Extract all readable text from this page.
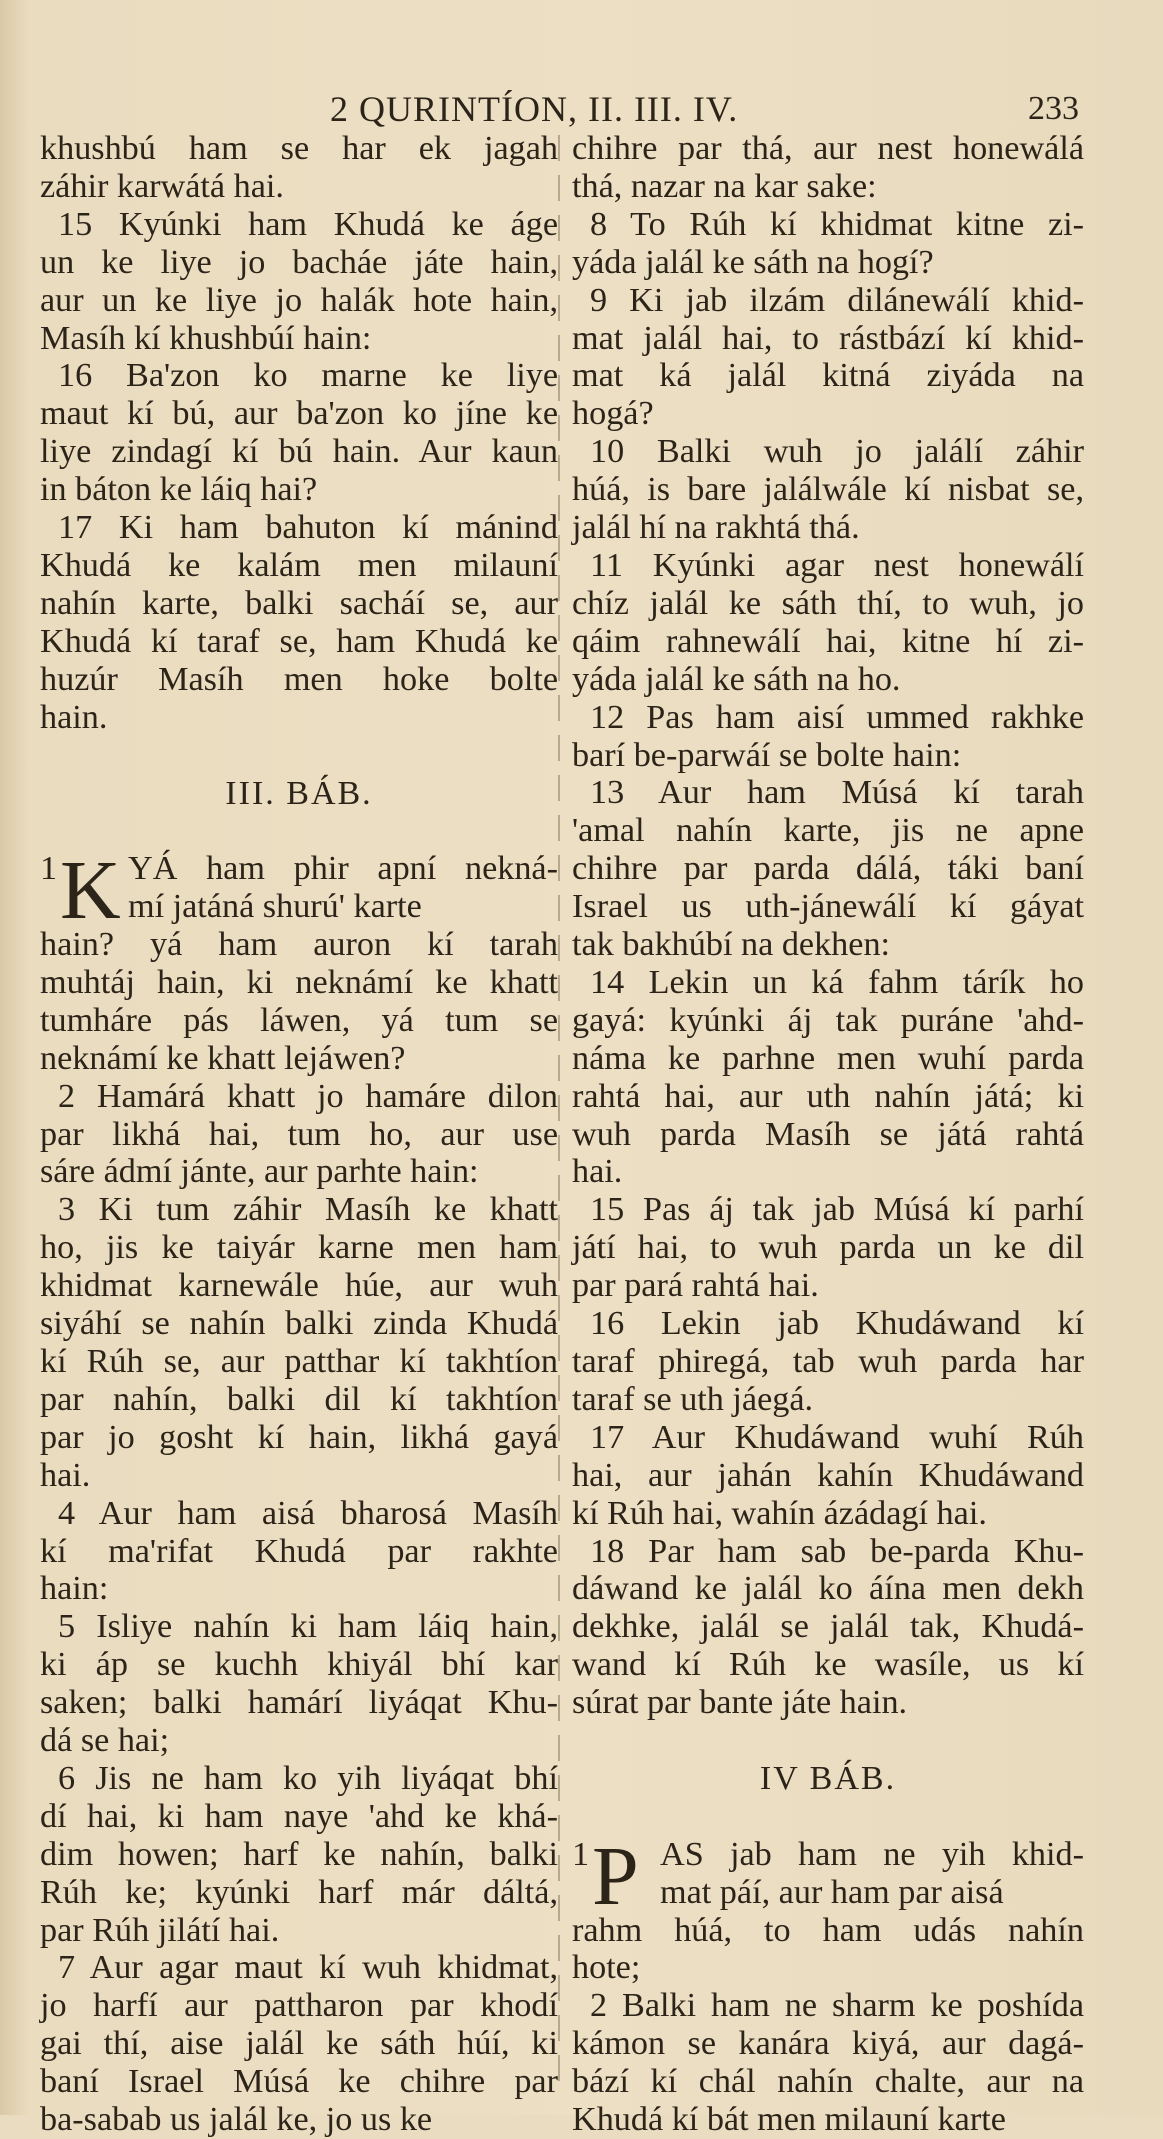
2 QURINTÍON, II. III. IV.	233
khushbú ham se har ek jagah
záhir karwátá hai.
15 Kyúnki ham Khudá ke áge
un ke liye jo bacháe játe hain,
aur un ke liye jo halák hote hain,
Masíh kí khushbúí hain:
16 Ba'zon ko marne ke liye
maut kí bú, aur ba'zon ko jíne ke
liye zindagí kí bú hain. Aur kaun
in báton ke láiq hai?
17 Ki ham bahuton kí mánind
Khudá ke kalám men milauní
nahín karte, balki sacháí se, aur
Khudá kí taraf se, ham Khudá ke
huzúr Masíh men hoke bolte
hain.
III. BÁB.
1 K YÁ ham phir apní nekná-
mí jatáná shurú' karte
hain? yá ham auron kí tarah
muhtáj hain, ki neknámí ke khatt
tumháre pás láwen, yá tum se
neknámí ke khatt lejáwen?
2 Hamárá khatt jo hamáre dilon
par likhá hai, tum ho, aur use
sáre ádmí jánte, aur parhte hain:
3 Ki tum záhir Masíh ke khatt
ho, jis ke taiyár karne men ham
khidmat karnewále húe, aur wuh
siyáhí se nahín balki zinda Khudá
kí Rúh se, aur patthar kí takhtíon
par nahín, balki dil kí takhtíon
par jo gosht kí hain, likhá gayá
hai.
4 Aur ham aisá bharosá Masíh
kí ma'rifat Khudá par rakhte
hain:
5 Isliye nahín ki ham láiq hain,
ki áp se kuchh khiyál bhí kar
saken; balki hamárí liyáqat Khu-
dá se hai;
6 Jis ne ham ko yih liyáqat bhí
dí hai, ki ham naye 'ahd ke khá-
dim howen; harf ke nahín, balki
Rúh ke; kyúnki harf már dáltá,
par Rúh jilátí hai.
7 Aur agar maut kí wuh khidmat,
jo harfí aur pattharon par khodí
gai thí, aise jalál ke sáth húí, ki
baní Israel Músá ke chihre par
ba-sabab us jalál ke, jo us ke
chihre par thá, aur nest honewálá
thá, nazar na kar sake:
8 To Rúh kí khidmat kitne zi-
yáda jalál ke sáth na hogí?
9 Ki jab ilzám dilánewálí khid-
mat jalál hai, to rástbází kí khid-
mat ká jalál kitná ziyáda na
hogá?
10 Balki wuh jo jalálí záhir
húá, is bare jalálwále kí nisbat se,
jalál hí na rakhtá thá.
11 Kyúnki agar nest honewálí
chíz jalál ke sáth thí, to wuh, jo
qáim rahnewálí hai, kitne hí zi-
yáda jalál ke sáth na ho.
12 Pas ham aisí ummed rakhke
barí be-parwáí se bolte hain:
13 Aur ham Músá kí tarah
'amal nahín karte, jis ne apne
chihre par parda dálá, táki baní
Israel us uth-jánewálí kí gáyat
tak bakhúbí na dekhen:
14 Lekin un ká fahm tárík ho
gayá: kyúnki áj tak puráne 'ahd-
náma ke parhne men wuhí parda
rahtá hai, aur uth nahín játá; ki
wuh parda Masíh se játá rahtá
hai.
15 Pas áj tak jab Músá kí parhí
játí hai, to wuh parda un ke dil
par pará rahtá hai.
16 Lekin jab Khudáwand kí
taraf phiregá, tab wuh parda har
taraf se uth jáegá.
17 Aur Khudáwand wuhí Rúh
hai, aur jahán kahín Khudáwand
kí Rúh hai, wahín ázádagí hai.
18 Par ham sab be-parda Khu-
dáwand ke jalál ko áína men dekh
dekhke, jalál se jalál tak, Khudá-
wand kí Rúh ke wasíle, us kí
súrat par bante játe hain.
IV BÁB.
1 P AS jab ham ne yih khid-
mat páí, aur ham par aisá
rahm húá, to ham udás nahín
hote;
2 Balki ham ne sharm ke poshída
kámon se kanára kiyá, aur dagá-
bází kí chál nahín chalte, aur na
Khudá kí bát men milauní karte
